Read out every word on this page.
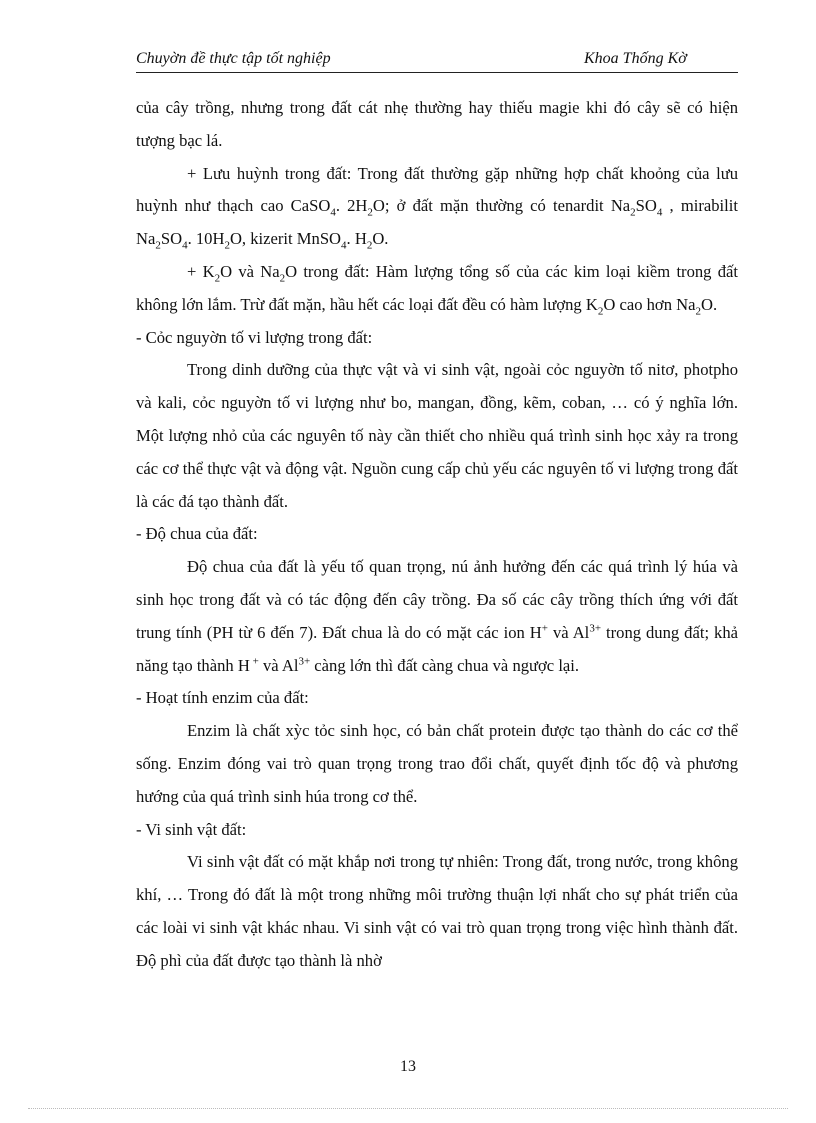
Chuyờn đề thực tập tốt nghiệp	Khoa Thống Kờ

của cây trồng, nhưng trong đất cát nhẹ thường hay thiếu magie khi đó cây sẽ có hiện tượng bạc lá.

+ Lưu huỳnh trong đất: Trong đất thường gặp những hợp chất khoỏng của lưu huỳnh như thạch cao CaSO$_4$. $2H_2O$; ở đất mặn thường có tenardit $Na_2SO_4$ , mirabilit $Na_2SO_4$. $10H_2O$, kizerit MnSO$_4$. $H_2O$.

+ $K_2O$ và $Na_2O$ trong đất: Hàm lượng tổng số của các kim loại kiềm trong đất không lớn lắm. Trừ đất mặn, hầu hết các loại đất đều có hàm lượng $K_2O$ cao hơn $Na_2O$.

- Cỏc nguyờn tố vi lượng trong đất:

Trong dinh dưỡng của thực vật và vi sinh vật, ngoài cỏc nguyờn tố nitơ, photpho và kali, cỏc nguyờn tố vi lượng như bo, mangan, đồng, kẽm, coban, … có ý nghĩa lớn. Một lượng nhỏ của các nguyên tố này cần thiết cho nhiều quá trình sinh học xảy ra trong các cơ thể thực vật và động vật. Nguồn cung cấp chủ yếu các nguyên tố vi lượng trong đất là các đá tạo thành đất.

- Độ chua của đất:

Độ chua của đất là yếu tố quan trọng, nú ảnh hưởng đến các quá trình lý húa và sinh học trong đất và có tác động đến cây trồng. Đa số các cây trồng thích ứng với đất trung tính (PH từ 6 đến 7). Đất chua là do có mặt các ion H+ và $Al^{3+}$ trong dung đất; khả năng tạo thành H + và $Al^{3+}$ càng lớn thì đất càng chua và ngược lại.

- Hoạt tính enzim của đất:

Enzim là chất xỳc tỏc sinh học, có bản chất protein được tạo thành do các cơ thể sống. Enzim đóng vai trò quan trọng trong trao đổi chất, quyết định tốc độ và phương hướng của quá trình sinh húa trong cơ thể.

- Vi sinh vật đất:

Vi sinh vật đất có mặt khắp nơi trong tự nhiên: Trong đất, trong nước, trong không khí, … Trong đó đất là một trong những môi trường thuận lợi nhất cho sự phát triển của các loài vi sinh vật khác nhau. Vi sinh vật có vai trò quan trọng trong việc hình thành đất. Độ phì của đất được tạo thành là nhờ

13
